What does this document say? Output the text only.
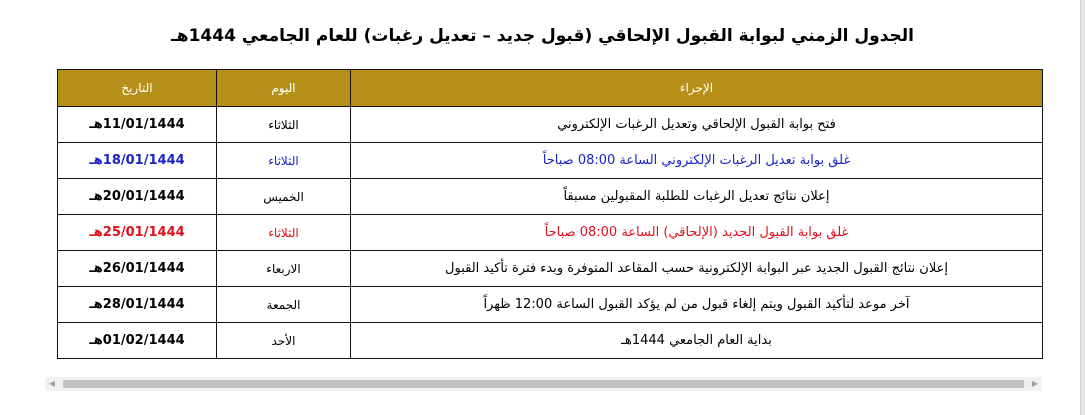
الجدول الزمني لبوابة القبول الإلحاقي (قبول جديد – تعديل رغبات) للعام الجامعي 1444هـ
الإجراء	اليوم	التاريخ
فتح بوابة القبول الإلحاقي وتعديل الرغبات الإلكتروني	الثلاثاء	11/01/1444هـ
غلق بوابة تعديل الرغبات الإلكتروني الساعة 08:00 صباحاً	الثلاثاء	18/01/1444هـ
إعلان نتائج تعديل الرغبات للطلبة المقبولين مسبقاً	الخميس	20/01/1444هـ
غلق بوابة القبول الجديد (الإلحاقي) الساعة 08:00 صباحاً	الثلاثاء	25/01/1444هـ
إعلان نتائج القبول الجديد عبر البوابة الإلكترونية حسب المقاعد المتوفرة وبدء فترة تأكيد القبول	الاربعاء	26/01/1444هـ
آخر موعد لتأكيد القبول ويتم إلغاء قبول من لم يؤكد القبول الساعة 12:00 ظهراً	الجمعة	28/01/1444هـ
بداية العام الجامعي 1444هـ	الأحد	01/02/1444هـ
◀	▶
